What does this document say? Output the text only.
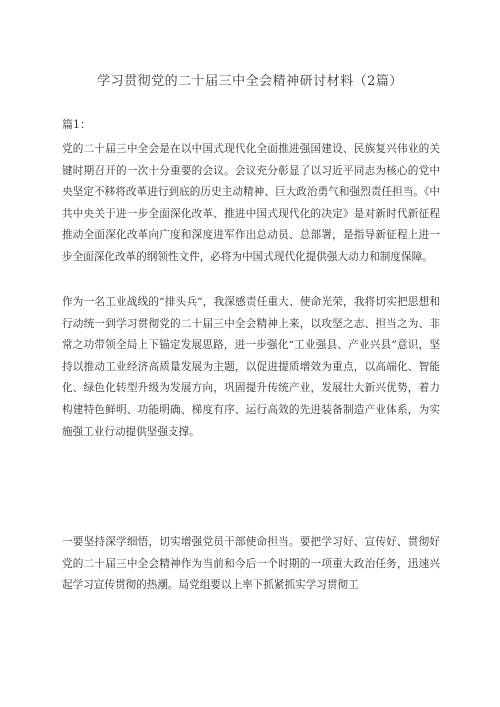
学习贯彻党的二十届三中全会精神研讨材料（2篇）
篇1：

党的二十届三中全会是在以中国式现代化全面推进强国建设、民族复兴伟业的关键时期召开的一次十分重要的会议。会议充分彰显了以习近平同志为核心的党中央坚定不移将改革进行到底的历史主动精神、巨大政治勇气和强烈责任担当。《中共中央关于进一步全面深化改革、推进中国式现代化的决定》是对新时代新征程推动全面深化改革向广度和深度进军作出总动员、总部署，是指导新征程上进一步全面深化改革的纲领性文件，必将为中国式现代化提供强大动力和制度保障。

作为一名工业战线的“排头兵”，我深感责任重大、使命光荣，我将切实把思想和行动统一到学习贯彻党的二十届三中全会精神上来，以攻坚之志、担当之为、非常之功带领全局上下锚定发展思路，进一步强化“工业强县、产业兴县”意识，坚持以推动工业经济高质量发展为主题，以促进提质增效为重点，以高端化、智能化、绿色化转型升级为发展方向，巩固提升传统产业，发展壮大新兴优势，着力构建特色鲜明、功能明确、梯度有序、运行高效的先进装备制造产业体系，为实施强工业行动提供坚强支撑。

一要坚持深学细悟，切实增强党员干部使命担当。要把学习好、宣传好、贯彻好党的二十届三中全会精神作为当前和今后一个时期的一项重大政治任务，迅速兴起学习宣传贯彻的热潮。局党组要以上率下抓紧抓实学习贯彻工
